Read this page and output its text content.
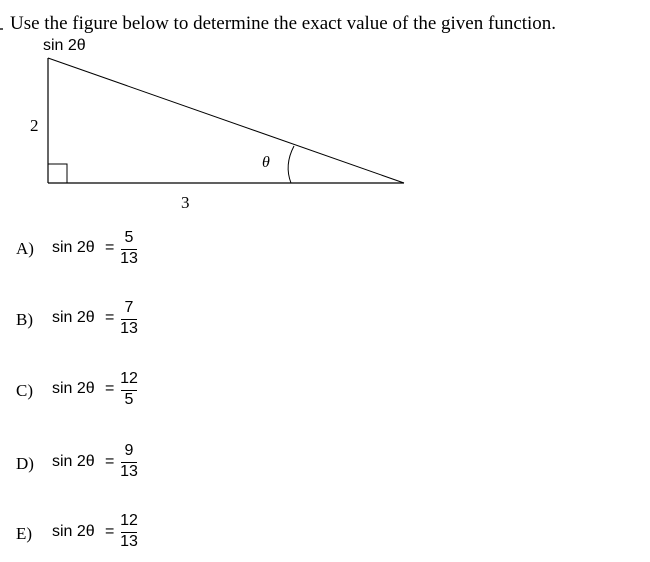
Use the figure below to determine the exact value of the given function.
sin 2θ
2
3
θ
A) sin 2θ =
5
13
B) sin 2θ =
7
13
C) sin 2θ =
12
5
D) sin 2θ =
9
13
E) sin 2θ =
12
13
